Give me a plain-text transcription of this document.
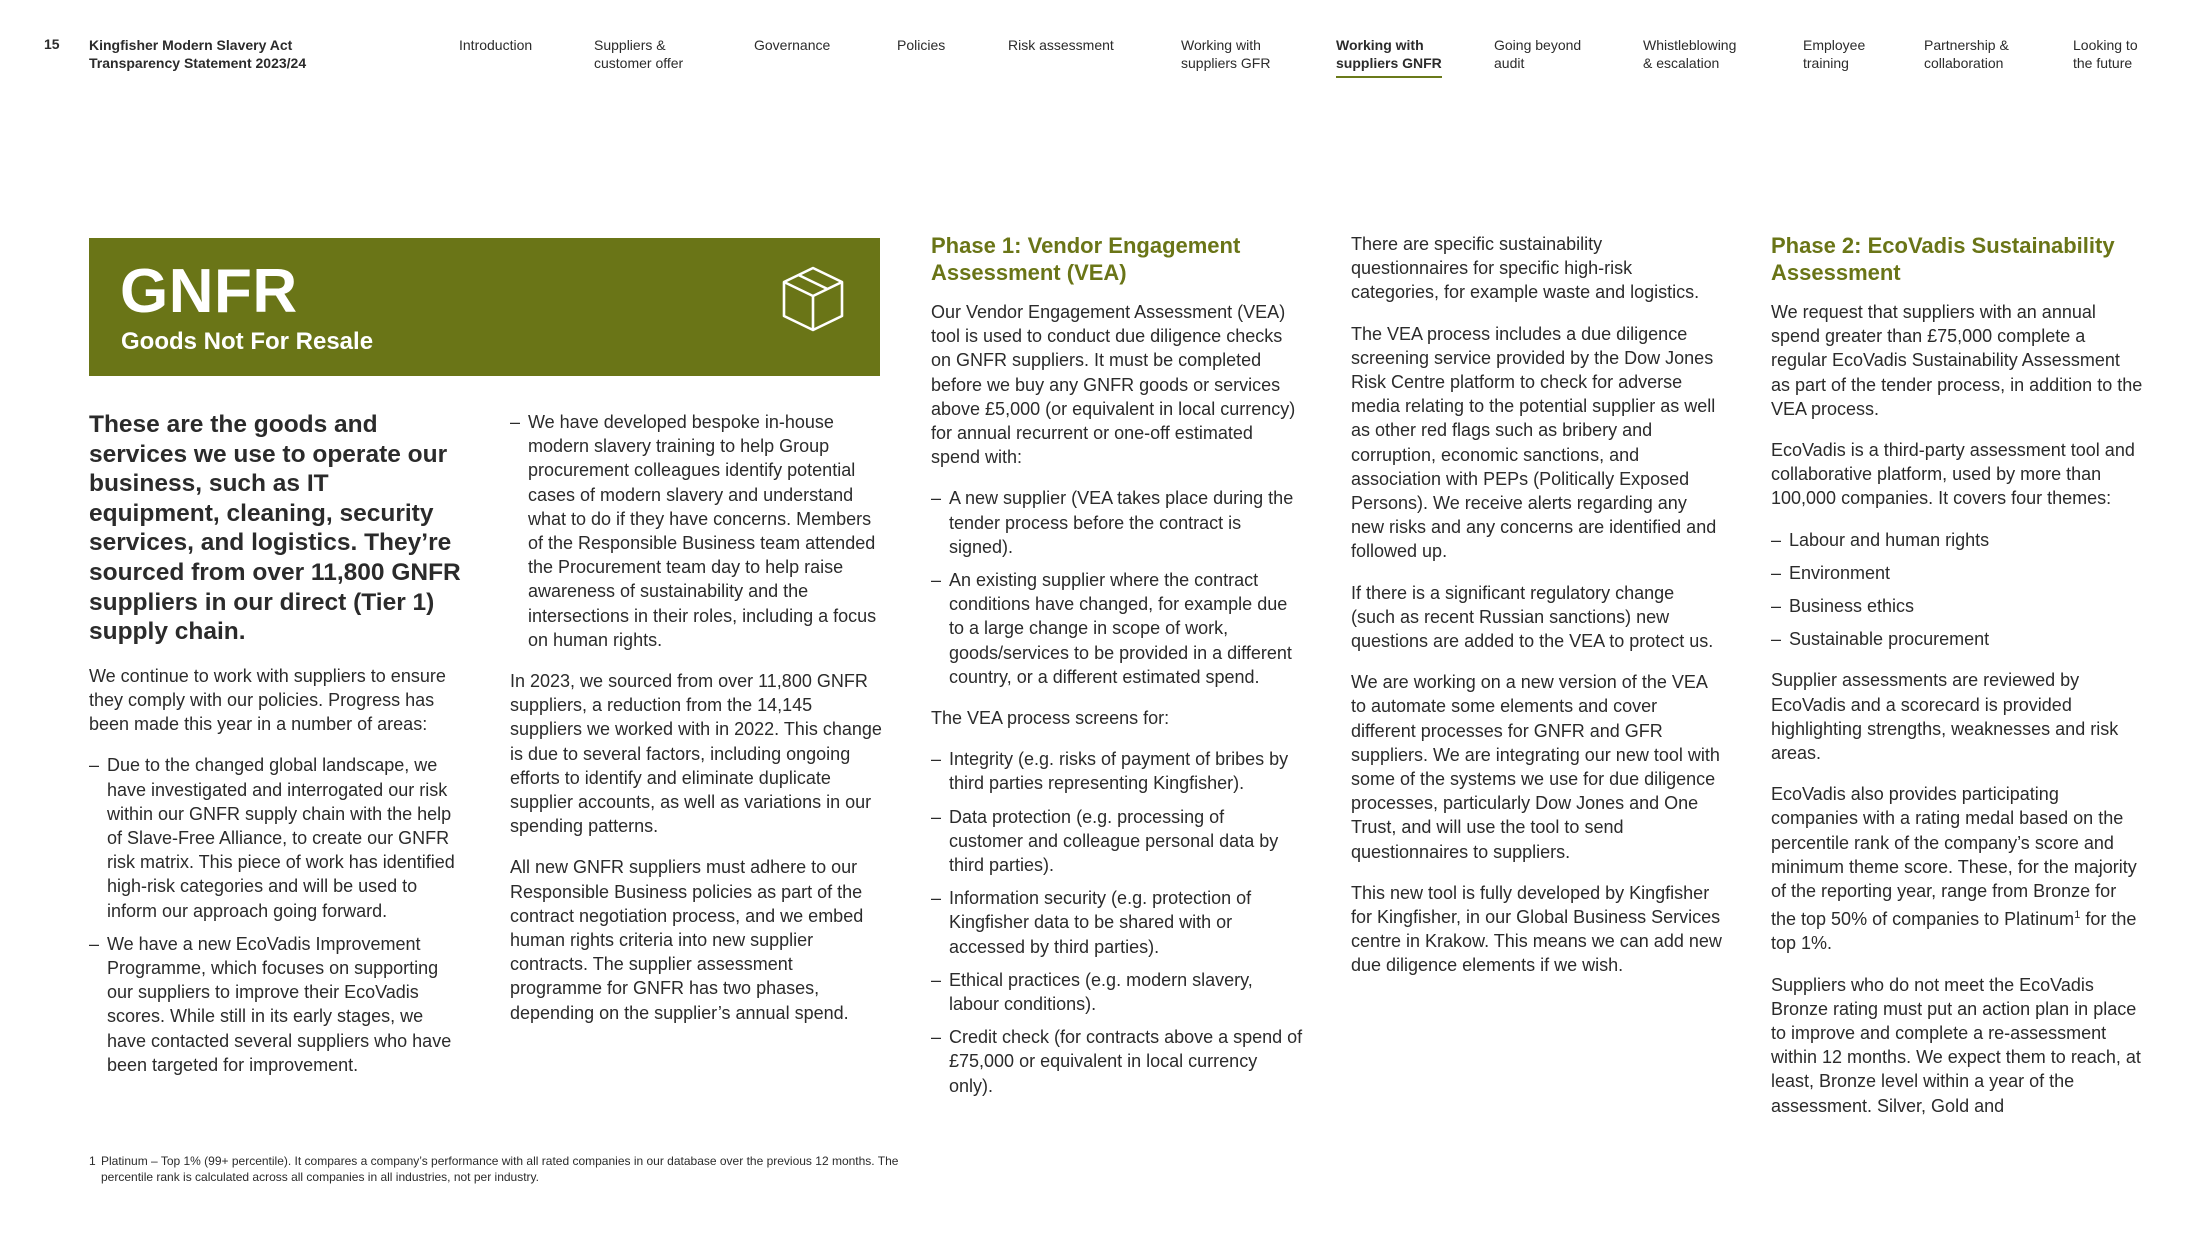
15 Kingfisher Modern Slavery Act
Transparency Statement 2023/24
Introduction	Suppliers &
customer offer
Governance	Policies	Risk assessment	Working with
suppliers GFR
Working with
suppliers GNFR
Going beyond
audit
Whistleblowing
& escalation
Employee
training
Partnership &
collaboration
Looking to
the future
GNFR
Goods Not For Resale

These are the goods and services we use to operate our business, such as IT equipment, cleaning, security services, and logistics. They’re sourced from over 11,800 GNFR suppliers in our direct (Tier 1) supply chain.

We continue to work with suppliers to ensure they comply with our policies. Progress has been made this year in a number of areas:

– Due to the changed global landscape, we have investigated and interrogated our risk within our GNFR supply chain with the help of Slave-Free Alliance, to create our GNFR risk matrix. This piece of work has identified high-risk categories and will be used to inform our approach going forward.
– We have a new EcoVadis Improvement Programme, which focuses on supporting our suppliers to improve their EcoVadis scores. While still in its early stages, we have contacted several suppliers who have been targeted for improvement.
– We have developed bespoke in-house modern slavery training to help Group procurement colleagues identify potential cases of modern slavery and understand what to do if they have concerns. Members of the Responsible Business team attended the Procurement team day to help raise awareness of sustainability and the intersections in their roles, including a focus on human rights.

In 2023, we sourced from over 11,800 GNFR suppliers, a reduction from the 14,145 suppliers we worked with in 2022. This change is due to several factors, including ongoing efforts to identify and eliminate duplicate supplier accounts, as well as variations in our spending patterns.

All new GNFR suppliers must adhere to our Responsible Business policies as part of the contract negotiation process, and we embed human rights criteria into new supplier contracts. The supplier assessment programme for GNFR has two phases, depending on the supplier’s annual spend.

Phase 1: Vendor Engagement Assessment (VEA)

Our Vendor Engagement Assessment (VEA) tool is used to conduct due diligence checks on GNFR suppliers. It must be completed before we buy any GNFR goods or services above £5,000 (or equivalent in local currency) for annual recurrent or one-off estimated spend with:

– A new supplier (VEA takes place during the tender process before the contract is signed).
– An existing supplier where the contract conditions have changed, for example due to a large change in scope of work, goods/services to be provided in a different country, or a different estimated spend.

The VEA process screens for:

– Integrity (e.g. risks of payment of bribes by third parties representing Kingfisher).
– Data protection (e.g. processing of customer and colleague personal data by third parties).
– Information security (e.g. protection of Kingfisher data to be shared with or accessed by third parties).
– Ethical practices (e.g. modern slavery, labour conditions).
– Credit check (for contracts above a spend of £75,000 or equivalent in local currency only).

There are specific sustainability questionnaires for specific high-risk categories, for example waste and logistics.

The VEA process includes a due diligence screening service provided by the Dow Jones Risk Centre platform to check for adverse media relating to the potential supplier as well as other red flags such as bribery and corruption, economic sanctions, and association with PEPs (Politically Exposed Persons). We receive alerts regarding any new risks and any concerns are identified and followed up.

If there is a significant regulatory change (such as recent Russian sanctions) new questions are added to the VEA to protect us.

We are working on a new version of the VEA to automate some elements and cover different processes for GNFR and GFR suppliers. We are integrating our new tool with some of the systems we use for due diligence processes, particularly Dow Jones and One Trust, and will use the tool to send questionnaires to suppliers.

This new tool is fully developed by Kingfisher for Kingfisher, in our Global Business Services centre in Krakow. This means we can add new due diligence elements if we wish.

Phase 2: EcoVadis Sustainability Assessment

We request that suppliers with an annual spend greater than £75,000 complete a regular EcoVadis Sustainability Assessment as part of the tender process, in addition to the VEA process.

EcoVadis is a third-party assessment tool and collaborative platform, used by more than 100,000 companies. It covers four themes:

– Labour and human rights
– Environment
– Business ethics
– Sustainable procurement

Supplier assessments are reviewed by EcoVadis and a scorecard is provided highlighting strengths, weaknesses and risk areas.

EcoVadis also provides participating companies with a rating medal based on the percentile rank of the company’s score and minimum theme score. These, for the majority of the reporting year, range from Bronze for the top 50% of companies to Platinum$^1$ for the top 1%.

Suppliers who do not meet the EcoVadis Bronze rating must put an action plan in place to improve and complete a re-assessment within 12 months. We expect them to reach, at least, Bronze level within a year of the assessment. Silver, Gold and

1 Platinum – Top 1% (99+ percentile). It compares a company’s performance with all rated companies in our database over the previous 12 months. The percentile rank is calculated across all companies in all industries, not per industry.
